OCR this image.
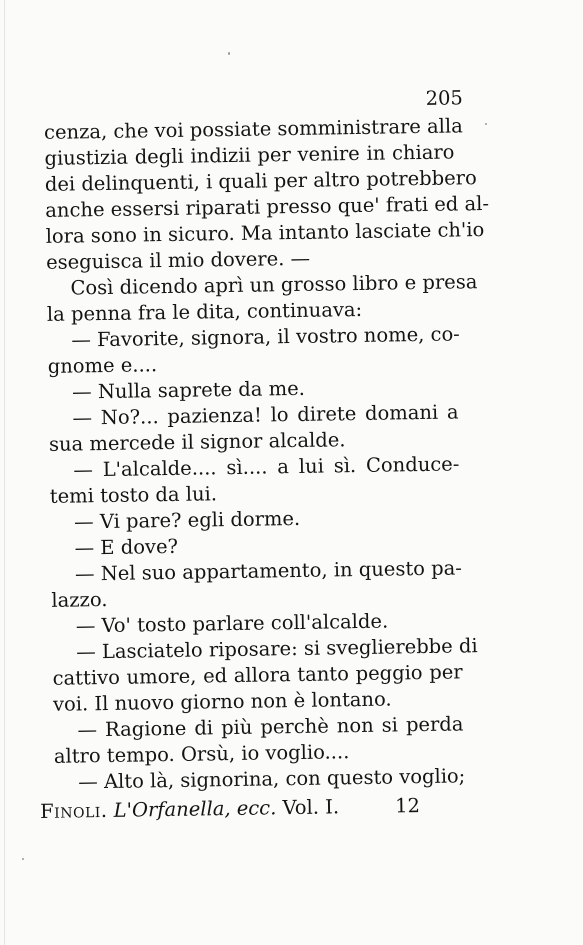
205
cenza, che voi possiate somministrare alla
giustizia degli indizii per venire in chiaro
dei delinquenti, i quali per altro potrebbero
anche essersi riparati presso que' frati ed al-
lora sono in sicuro. Ma intanto lasciate ch'io
eseguisca il mio dovere. —
Così dicendo aprì un grosso libro e presa
la penna fra le dita, continuava:
— Favorite, signora, il vostro nome, co-
gnome e....
— Nulla saprete da me.
— No?... pazienza! lo direte domani a
sua mercede il signor alcalde.
— L'alcalde.... sì.... a lui sì. Conduce-
temi tosto da lui.
— Vi pare? egli dorme.
— E dove?
— Nel suo appartamento, in questo pa-
lazzo.
— Vo' tosto parlare coll'alcalde.
— Lasciatelo riposare: si sveglierebbe di
cattivo umore, ed allora tanto peggio per
voi. Il nuovo giorno non è lontano.
— Ragione di più perchè non si perda
altro tempo. Orsù, io voglio....
— Alto là, signorina, con questo voglio;
Finoli. L'Orfanella, ecc. Vol. I.	12
